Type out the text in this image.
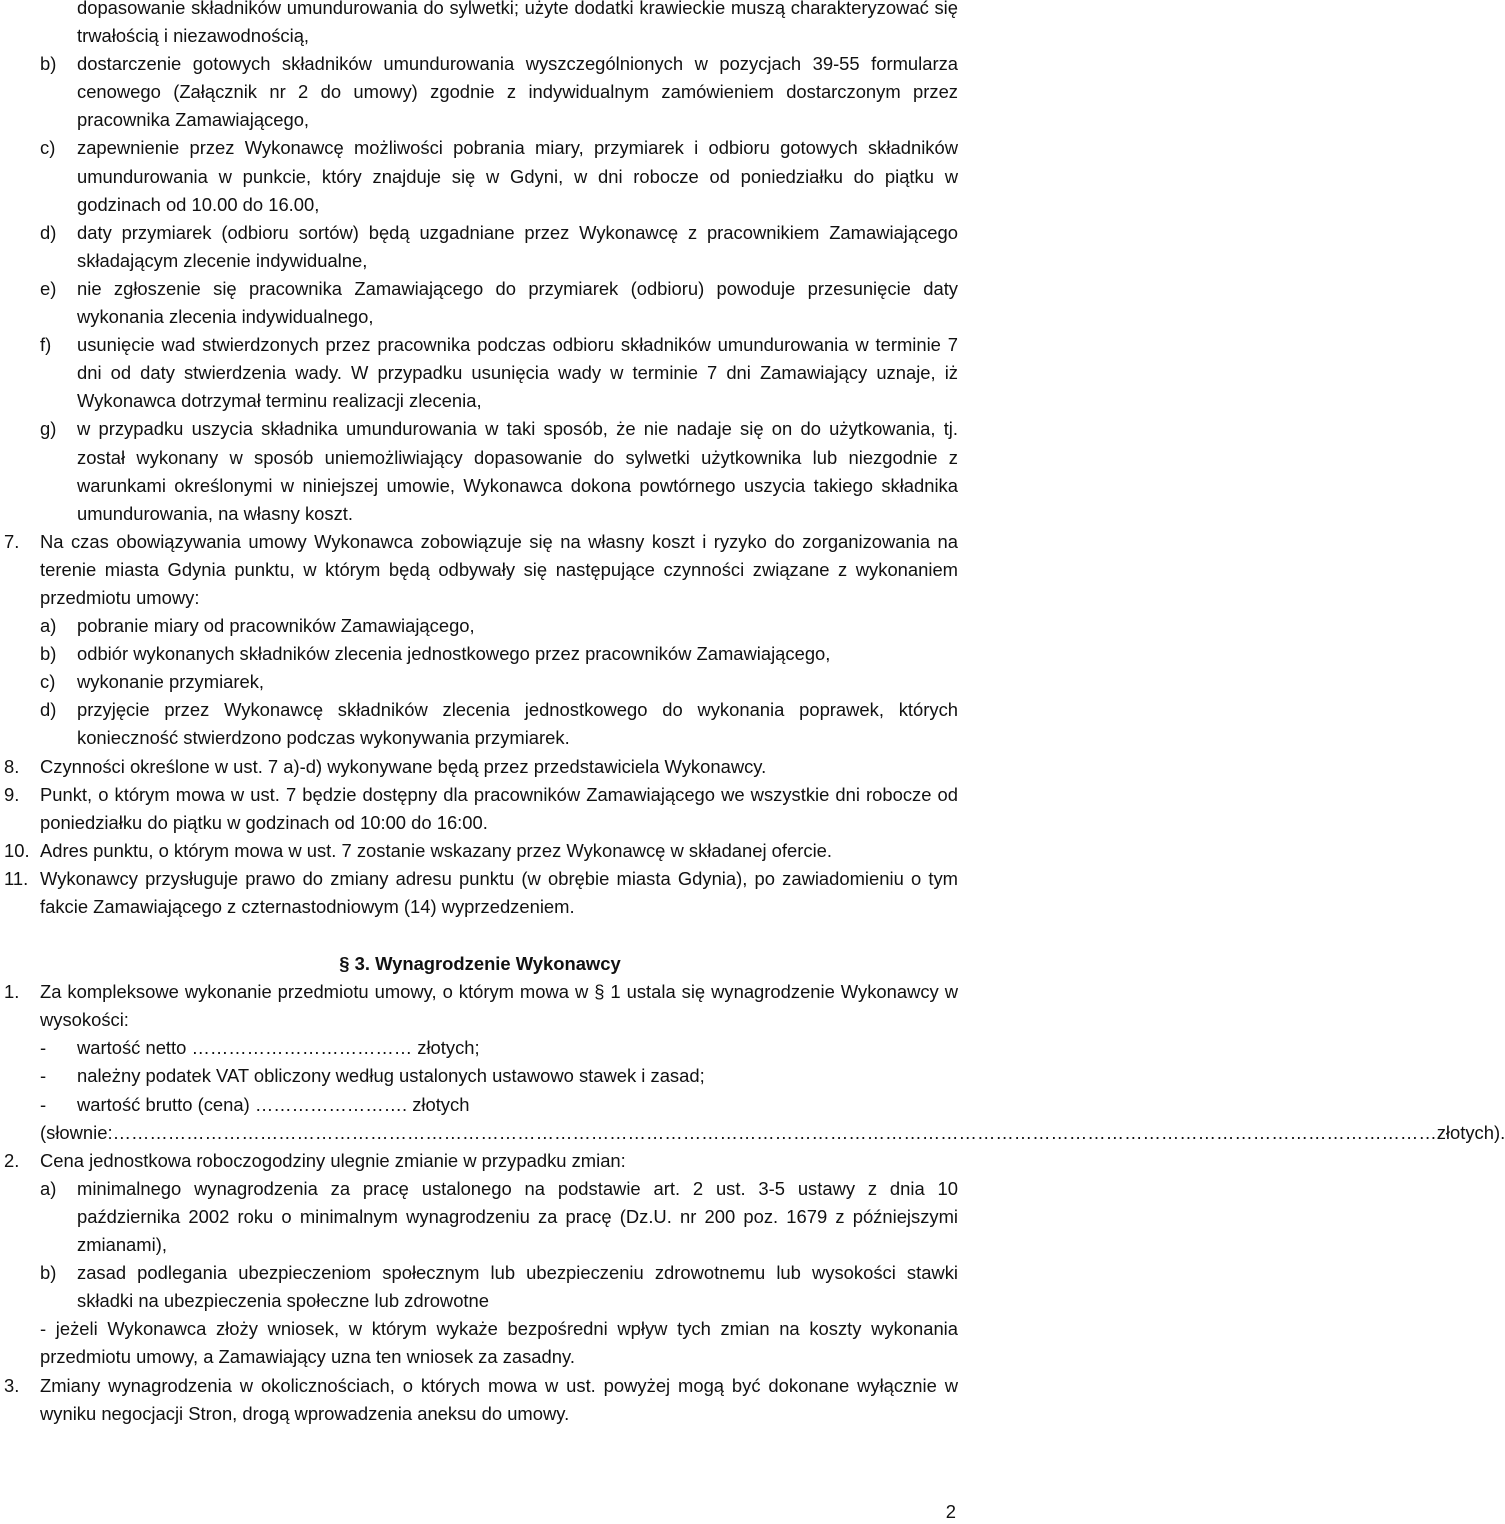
dopasowanie składników umundurowania do sylwetki; użyte dodatki krawieckie muszą charakteryzować się trwałością i niezawodnością,
b) dostarczenie gotowych składników umundurowania wyszczególnionych w pozycjach 39-55 formularza cenowego (Załącznik nr 2 do umowy) zgodnie z indywidualnym zamówieniem dostarczonym przez pracownika Zamawiającego,
c) zapewnienie przez Wykonawcę możliwości pobrania miary, przymiarek i odbioru gotowych składników umundurowania w punkcie, który znajduje się w Gdyni, w dni robocze od poniedziałku do piątku w godzinach od 10.00 do 16.00,
d) daty przymiarek (odbioru sortów) będą uzgadniane przez Wykonawcę z pracownikiem Zamawiającego składającym zlecenie indywidualne,
e) nie zgłoszenie się pracownika Zamawiającego do przymiarek (odbioru) powoduje przesunięcie daty wykonania zlecenia indywidualnego,
f) usunięcie wad stwierdzonych przez pracownika podczas odbioru składników umundurowania w terminie 7 dni od daty stwierdzenia wady. W przypadku usunięcia wady w terminie 7 dni Zamawiający uznaje, iż Wykonawca dotrzymał terminu realizacji zlecenia,
g) w przypadku uszycia składnika umundurowania w taki sposób, że nie nadaje się on do użytkowania, tj. został wykonany w sposób uniemożliwiający dopasowanie do sylwetki użytkownika lub niezgodnie z warunkami określonymi w niniejszej umowie, Wykonawca dokona powtórnego uszycia takiego składnika umundurowania, na własny koszt.
7. Na czas obowiązywania umowy Wykonawca zobowiązuje się na własny koszt i ryzyko do zorganizowania na terenie miasta Gdynia punktu, w którym będą odbywały się następujące czynności związane z wykonaniem przedmiotu umowy:
a) pobranie miary od pracowników Zamawiającego,
b) odbiór wykonanych składników zlecenia jednostkowego przez pracowników Zamawiającego,
c) wykonanie przymiarek,
d) przyjęcie przez Wykonawcę składników zlecenia jednostkowego do wykonania poprawek, których konieczność stwierdzono podczas wykonywania przymiarek.
8. Czynności określone w ust. 7 a)-d) wykonywane będą przez przedstawiciela Wykonawcy.
9. Punkt, o którym mowa w ust. 7 będzie dostępny dla pracowników Zamawiającego we wszystkie dni robocze od poniedziałku do piątku w godzinach od 10:00 do 16:00.
10. Adres punktu, o którym mowa w ust. 7 zostanie wskazany przez Wykonawcę w składanej ofercie.
11. Wykonawcy przysługuje prawo do zmiany adresu punktu (w obrębie miasta Gdynia), po zawiadomieniu o tym fakcie Zamawiającego z czternastodniowym (14) wyprzedzeniem.
§ 3. Wynagrodzenie Wykonawcy
1. Za kompleksowe wykonanie przedmiotu umowy, o którym mowa w § 1 ustala się wynagrodzenie Wykonawcy w wysokości:
- wartość netto ……………………………… złotych;
- należny podatek VAT obliczony według ustalonych ustawowo stawek i zasad;
- wartość brutto (cena) ……………………. złotych
(słownie: ……………………………………………………………………………………………………………………………………………………………………………………………… złotych).
2. Cena jednostkowa roboczogodziny ulegnie zmianie w przypadku zmian:
a) minimalnego wynagrodzenia za pracę ustalonego na podstawie art. 2 ust. 3-5 ustawy z dnia 10 października 2002 roku o minimalnym wynagrodzeniu za pracę (Dz.U. nr 200 poz. 1679 z późniejszymi zmianami),
b) zasad podlegania ubezpieczeniom społecznym lub ubezpieczeniu zdrowotnemu lub wysokości stawki składki na ubezpieczenia społeczne lub zdrowotne
- jeżeli Wykonawca złoży wniosek, w którym wykaże bezpośredni wpływ tych zmian na koszty wykonania przedmiotu umowy, a Zamawiający uzna ten wniosek za zasadny.
3. Zmiany wynagrodzenia w okolicznościach, o których mowa w ust. powyżej mogą być dokonane wyłącznie w wyniku negocjacji Stron, drogą wprowadzenia aneksu do umowy.
2
